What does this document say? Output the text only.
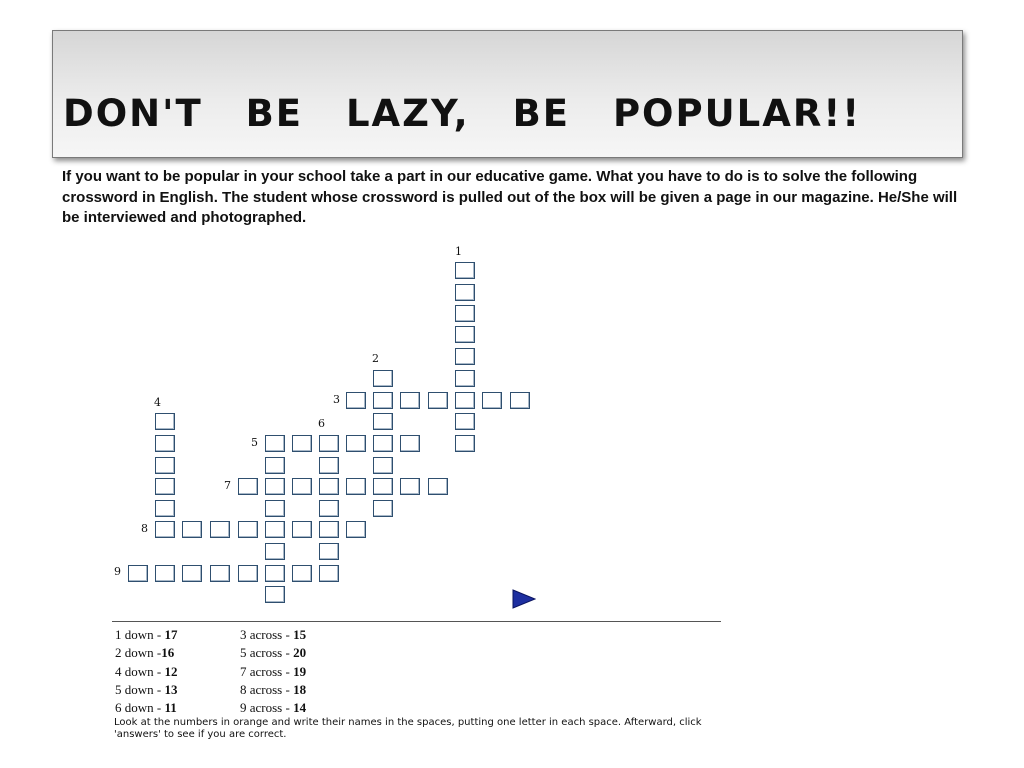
DON'T BE LAZY, BE POPULAR!!

If you want to be popular in your school take a part in our educative game. What you have to do is to solve the following crossword in English. The student whose crossword is pulled out of the box will be given a page in our magazine. He/She will be interviewed and photographed.

1
2
3
4
5
6
7
8
9
1 down - 17
2 down -16
4 down - 12
5 down - 13
6 down - 11
3 across - 15
5 across - 20
7 across - 19
8 across - 18
9 across - 14

Look at the numbers in orange and write their names in the spaces, putting one letter in each space. Afterward, click 'answers' to see if you are correct.
